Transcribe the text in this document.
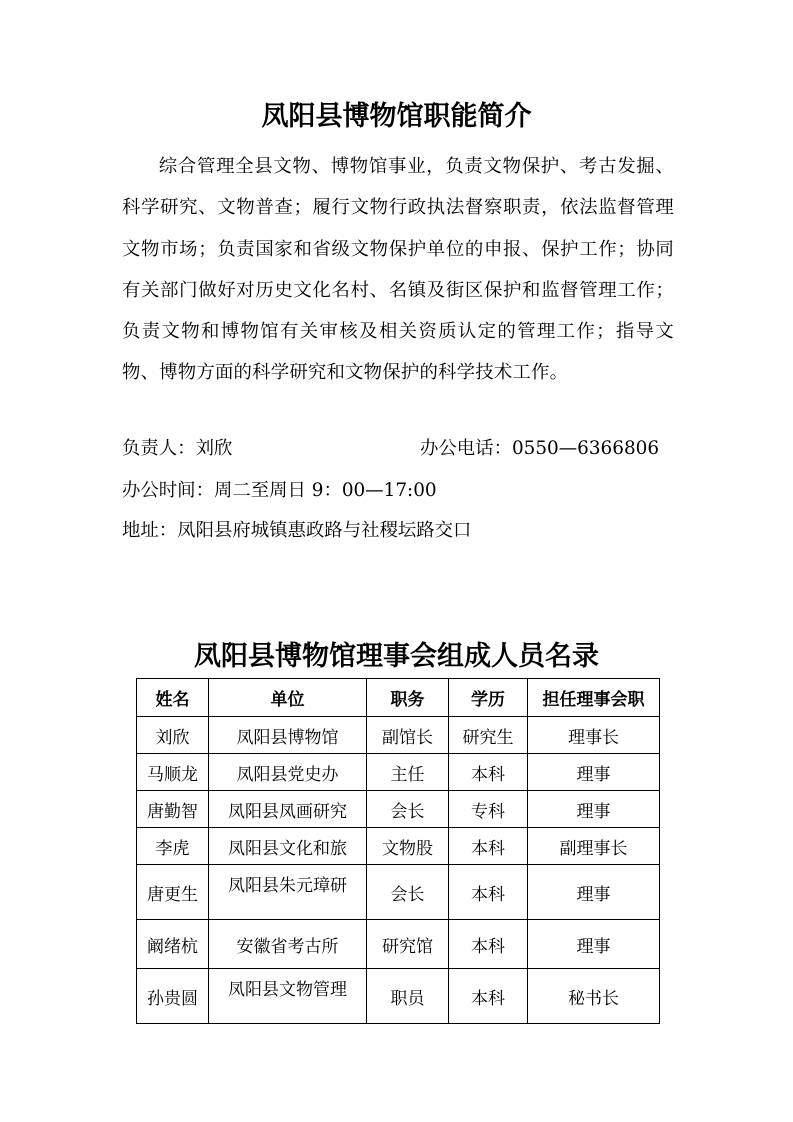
凤阳县博物馆职能简介

综合管理全县文物、博物馆事业，负责文物保护、考古发掘、科学研究、文物普查；履行文物行政执法督察职责，依法监督管理文物市场；负责国家和省级文物保护单位的申报、保护工作；协同有关部门做好对历史文化名村、名镇及街区保护和监督管理工作；负责文物和博物馆有关审核及相关资质认定的管理工作；指导文物、博物方面的科学研究和文物保护的科学技术工作。

负责人：刘欣	办公电话：0550—6366806
办公时间：周二至周日 9：00—17:00
地址：凤阳县府城镇惠政路与社稷坛路交口
凤阳县博物馆理事会组成人员名录
姓名	单位	职务	学历	担任理事会职
刘欣	凤阳县博物馆	副馆长	研究生	理事长
马顺龙	凤阳县党史办	主任	本科	理事
唐勤智	凤阳县凤画研究	会长	专科	理事
李虎	凤阳县文化和旅	文物股	本科	副理事长
唐更生	凤阳县朱元璋研	会长	本科	理事
阚绪杭	安徽省考古所	研究馆	本科	理事
孙贵圆	凤阳县文物管理	职员	本科	秘书长
